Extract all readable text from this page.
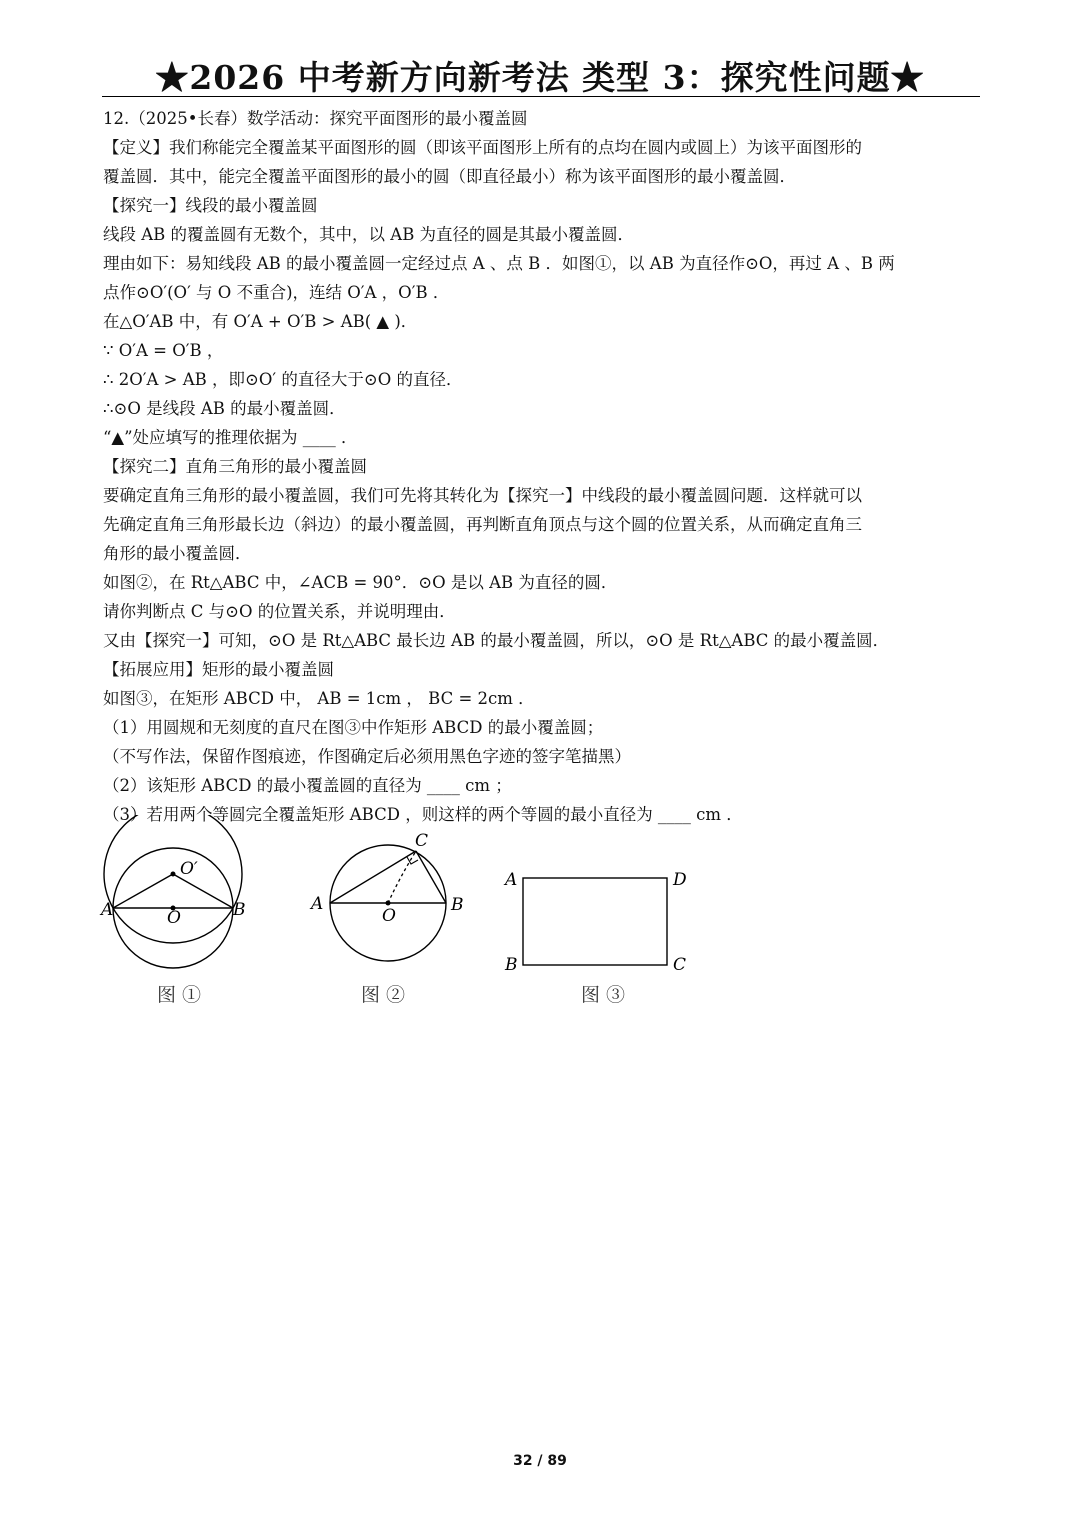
★2026 中考新方向新考法 类型 3：探究性问题★
12.（2025•长春）数学活动：探究平面图形的最小覆盖圆
【定义】我们称能完全覆盖某平面图形的圆（即该平面图形上所有的点均在圆内或圆上）为该平面图形的
覆盖圆．其中，能完全覆盖平面图形的最小的圆（即直径最小）称为该平面图形的最小覆盖圆．
【探究一】线段的最小覆盖圆
线段 AB 的覆盖圆有无数个，其中，以 AB 为直径的圆是其最小覆盖圆．
理由如下：易知线段 AB 的最小覆盖圆一定经过点 A 、点 B ．如图①，以 AB 为直径作⊙O，再过 A 、B 两
点作⊙O′(O′ 与 O 不重合)，连结 O′A ，O′B ．
在△O′AB 中，有 O′A + O′B > AB( ▲ )．
∵ O′A = O′B ，
∴ 2O′A > AB ，即⊙O′ 的直径大于⊙O 的直径．
∴⊙O 是线段 AB 的最小覆盖圆．
“▲”处应填写的推理依据为 ____ ．
【探究二】直角三角形的最小覆盖圆
要确定直角三角形的最小覆盖圆，我们可先将其转化为【探究一】中线段的最小覆盖圆问题．这样就可以
先确定直角三角形最长边（斜边）的最小覆盖圆，再判断直角顶点与这个圆的位置关系，从而确定直角三
角形的最小覆盖圆．
如图②，在 Rt△ABC 中，∠ACB = 90°．⊙O 是以 AB 为直径的圆．
请你判断点 C 与⊙O 的位置关系，并说明理由．
又由【探究一】可知，⊙O 是 Rt△ABC 最长边 AB 的最小覆盖圆，所以，⊙O 是 Rt△ABC 的最小覆盖圆．
【拓展应用】矩形的最小覆盖圆
如图③，在矩形 ABCD 中， AB = 1cm ， BC = 2cm ．
（1）用圆规和无刻度的直尺在图③中作矩形 ABCD 的最小覆盖圆；
（不写作法，保留作图痕迹，作图确定后必须用黑色字迹的签字笔描黑）
（2）该矩形 ABCD 的最小覆盖圆的直径为 ____ cm ；
（3）若用两个等圆完全覆盖矩形 ABCD ，则这样的两个等圆的最小直径为 ____ cm ．
A	B
O
O′
图 ①
A	B
C
O
图 ②
A	D
B	C
图 ③
32 / 89
